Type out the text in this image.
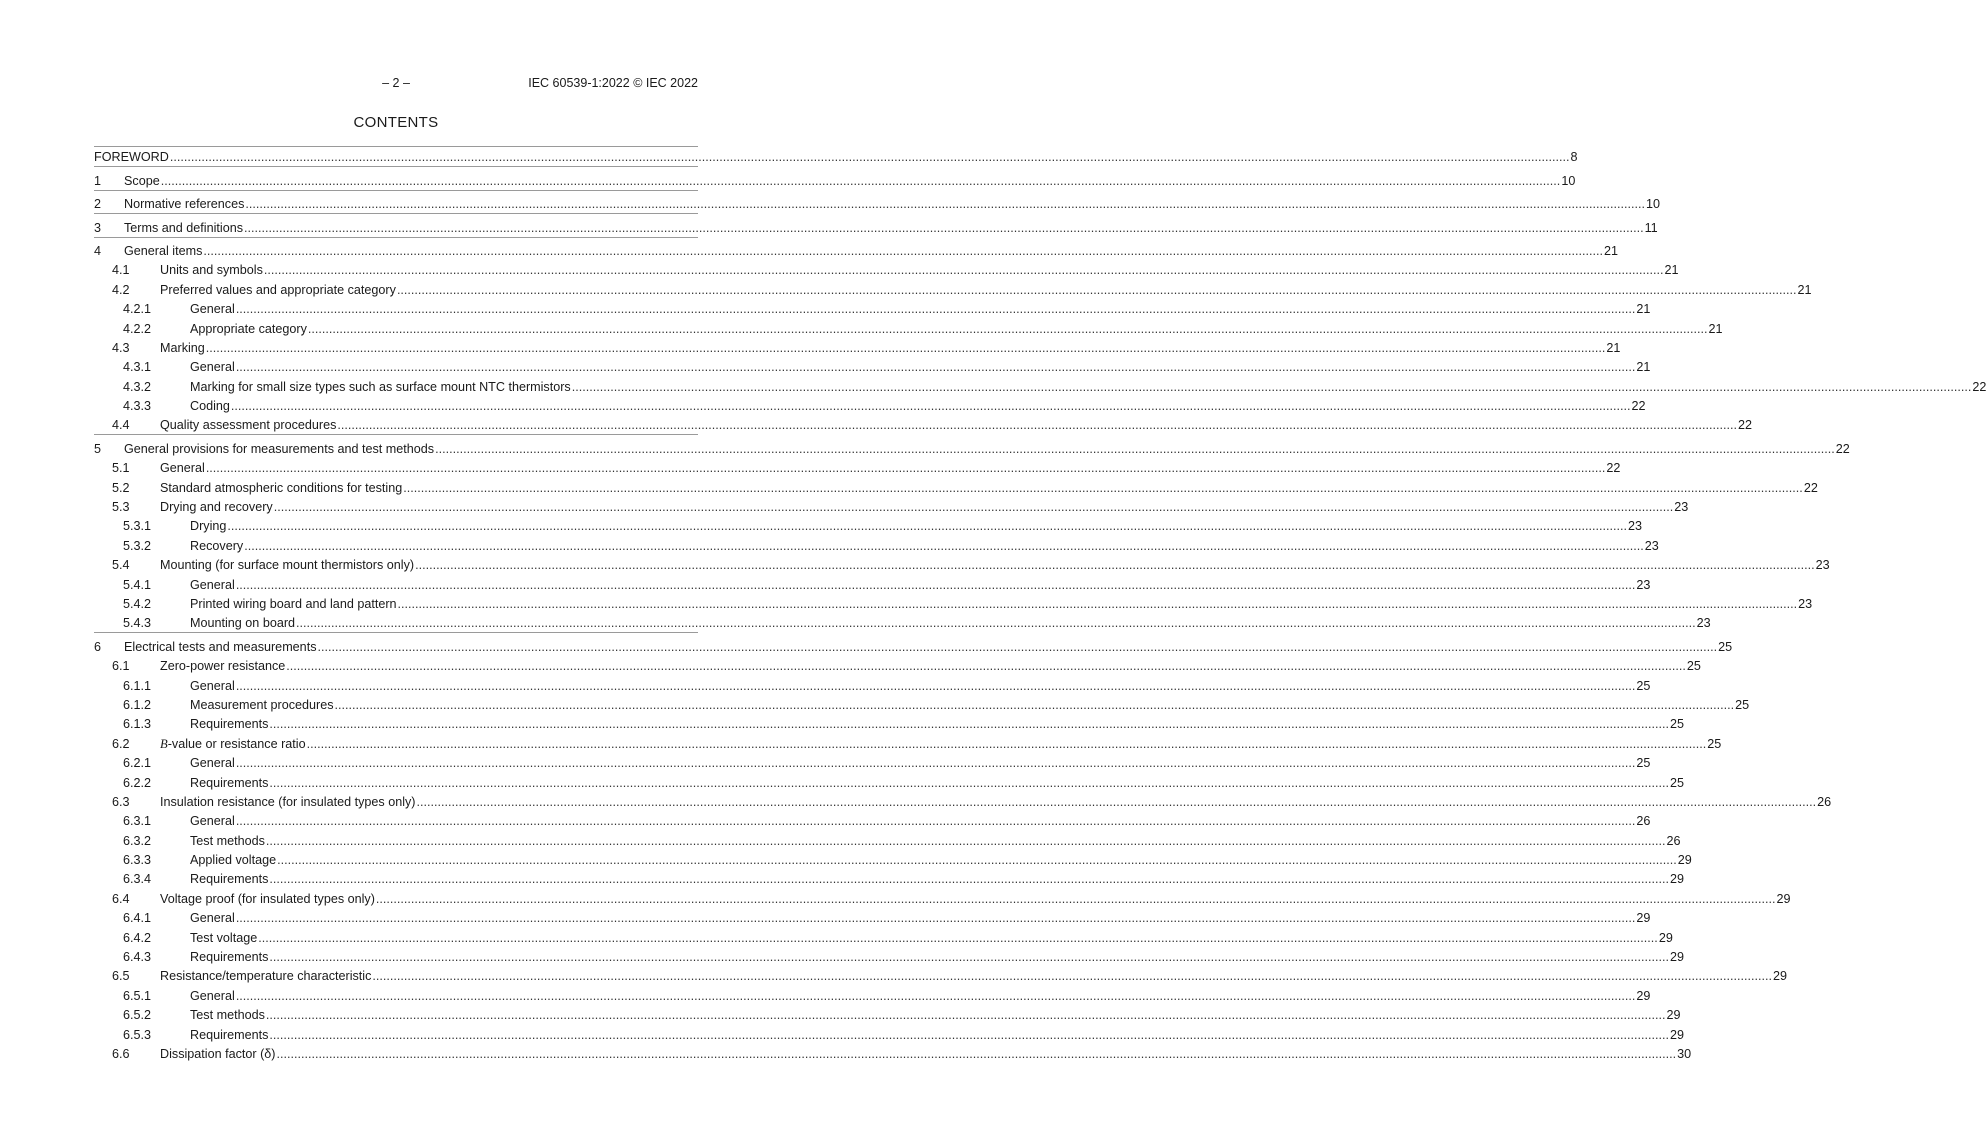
– 2 –	IEC 60539-1:2022 © IEC 2022
CONTENTS
FOREWORD ................................................................................................................................................................................................................................................................................................................................................................................................................ 8
1 Scope ................................................................................................................................................................................................................................................................................................................................................................................................................ 10
2 Normative references ................................................................................................................................................................................................................................................................................................................................................................................................................ 10
3 Terms and definitions ................................................................................................................................................................................................................................................................................................................................................................................................................ 11
4 General items ................................................................................................................................................................................................................................................................................................................................................................................................................ 21
4.1 Units and symbols ................................................................................................................................................................................................................................................................................................................................................................................................................ 21
4.2 Preferred values and appropriate category ................................................................................................................................................................................................................................................................................................................................................................................................................ 21
4.2.1	General ................................................................................................................................................................................................................................................................................................................................................................................................................ 21
4.2.2	Appropriate category ................................................................................................................................................................................................................................................................................................................................................................................................................ 21
4.3 Marking ................................................................................................................................................................................................................................................................................................................................................................................................................ 21
4.3.1	General ................................................................................................................................................................................................................................................................................................................................................................................................................ 21
4.3.2	Marking for small size types such as surface mount NTC thermistors ................................................................................................................................................................................................................................................................................................................................................................................................................ 22
4.3.3	Coding ................................................................................................................................................................................................................................................................................................................................................................................................................ 22
4.4 Quality assessment procedures ................................................................................................................................................................................................................................................................................................................................................................................................................ 22
5 General provisions for measurements and test methods ................................................................................................................................................................................................................................................................................................................................................................................................................ 22
5.1 General ................................................................................................................................................................................................................................................................................................................................................................................................................ 22
5.2 Standard atmospheric conditions for testing ................................................................................................................................................................................................................................................................................................................................................................................................................ 22
5.3 Drying and recovery ................................................................................................................................................................................................................................................................................................................................................................................................................ 23
5.3.1	Drying ................................................................................................................................................................................................................................................................................................................................................................................................................ 23
5.3.2	Recovery ................................................................................................................................................................................................................................................................................................................................................................................................................ 23
5.4 Mounting (for surface mount thermistors only) ................................................................................................................................................................................................................................................................................................................................................................................................................ 23
5.4.1	General ................................................................................................................................................................................................................................................................................................................................................................................................................ 23
5.4.2	Printed wiring board and land pattern ................................................................................................................................................................................................................................................................................................................................................................................................................ 23
5.4.3	Mounting on board ................................................................................................................................................................................................................................................................................................................................................................................................................ 23
6 Electrical tests and measurements ................................................................................................................................................................................................................................................................................................................................................................................................................ 25
6.1 Zero-power resistance ................................................................................................................................................................................................................................................................................................................................................................................................................ 25
6.1.1	General ................................................................................................................................................................................................................................................................................................................................................................................................................ 25
6.1.2	Measurement procedures ................................................................................................................................................................................................................................................................................................................................................................................................................ 25
6.1.3	Requirements ................................................................................................................................................................................................................................................................................................................................................................................................................ 25
6.2 B-value or resistance ratio ................................................................................................................................................................................................................................................................................................................................................................................................................ 25
6.2.1	General ................................................................................................................................................................................................................................................................................................................................................................................................................ 25
6.2.2	Requirements ................................................................................................................................................................................................................................................................................................................................................................................................................ 25
6.3 Insulation resistance (for insulated types only) ................................................................................................................................................................................................................................................................................................................................................................................................................ 26
6.3.1	General ................................................................................................................................................................................................................................................................................................................................................................................................................ 26
6.3.2	Test methods ................................................................................................................................................................................................................................................................................................................................................................................................................ 26
6.3.3	Applied voltage ................................................................................................................................................................................................................................................................................................................................................................................................................ 29
6.3.4	Requirements ................................................................................................................................................................................................................................................................................................................................................................................................................ 29
6.4 Voltage proof (for insulated types only) ................................................................................................................................................................................................................................................................................................................................................................................................................ 29
6.4.1	General ................................................................................................................................................................................................................................................................................................................................................................................................................ 29
6.4.2	Test voltage ................................................................................................................................................................................................................................................................................................................................................................................................................ 29
6.4.3	Requirements ................................................................................................................................................................................................................................................................................................................................................................................................................ 29
6.5 Resistance/temperature characteristic ................................................................................................................................................................................................................................................................................................................................................................................................................ 29
6.5.1	General ................................................................................................................................................................................................................................................................................................................................................................................................................ 29
6.5.2	Test methods ................................................................................................................................................................................................................................................................................................................................................................................................................ 29
6.5.3	Requirements ................................................................................................................................................................................................................................................................................................................................................................................................................ 29
6.6 Dissipation factor (δ) ................................................................................................................................................................................................................................................................................................................................................................................................................ 30
